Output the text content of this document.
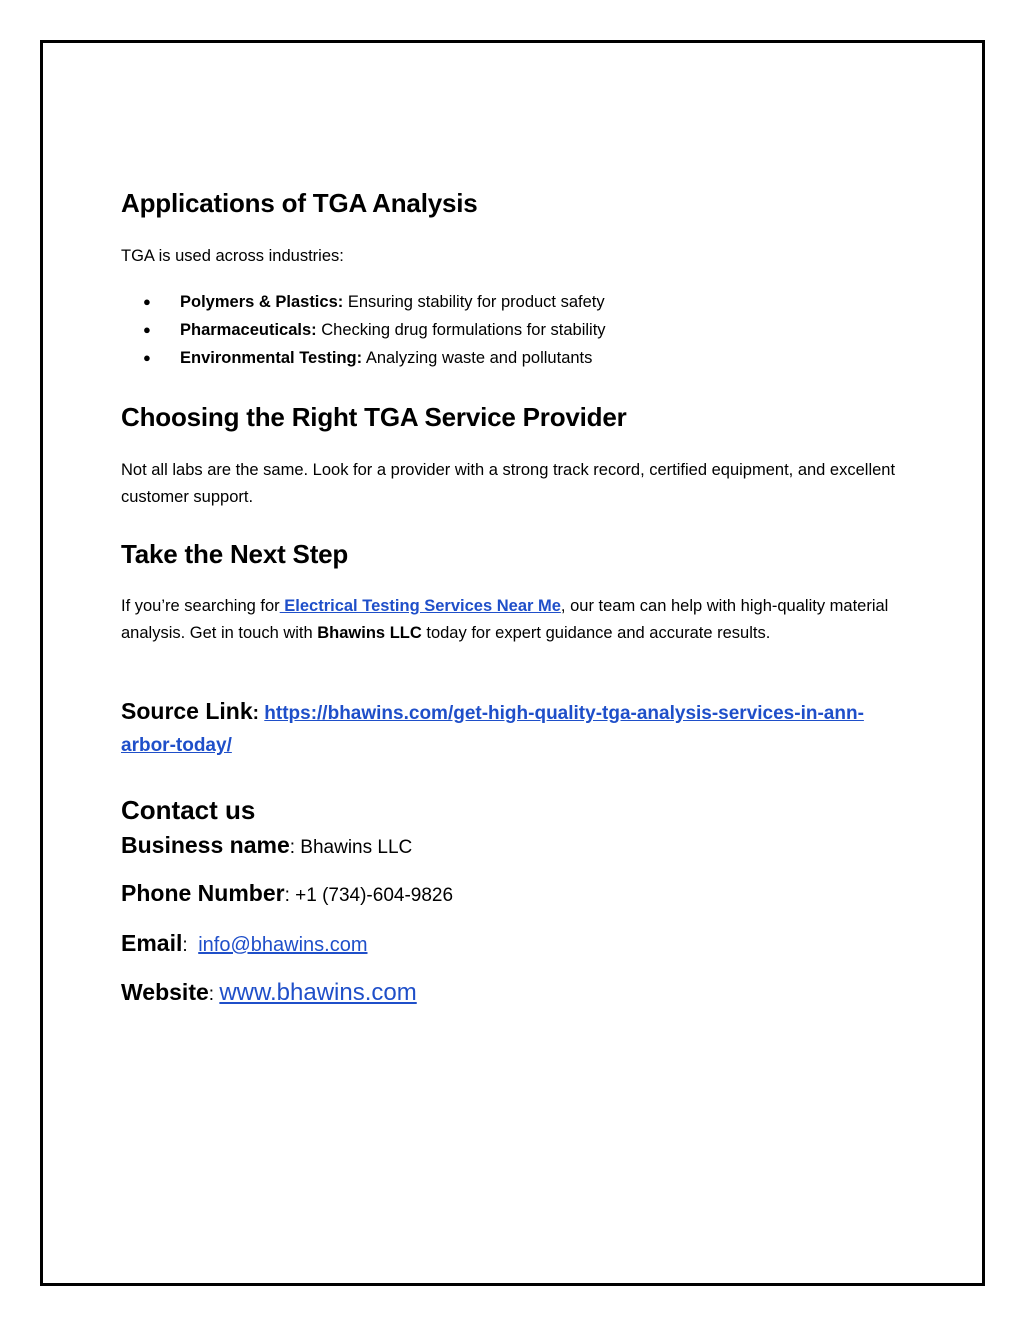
Applications of TGA Analysis

TGA is used across industries:

● Polymers & Plastics: Ensuring stability for product safety
● Pharmaceuticals: Checking drug formulations for stability
● Environmental Testing: Analyzing waste and pollutants
Choosing the Right TGA Service Provider

Not all labs are the same. Look for a provider with a strong track record, certified equipment, and excellent customer support.

Take the Next Step

If you’re searching for Electrical Testing Services Near Me, our team can help with high-quality material analysis. Get in touch with Bhawins LLC today for expert guidance and accurate results.

Source Link: https://bhawins.com/get-high-quality-tga-analysis-services-in-ann-arbor-today/
Contact us

Business name: Bhawins LLC

Phone Number: +1 (734)-604-9826

Email:  info@bhawins.com

Website: www.bhawins.com
